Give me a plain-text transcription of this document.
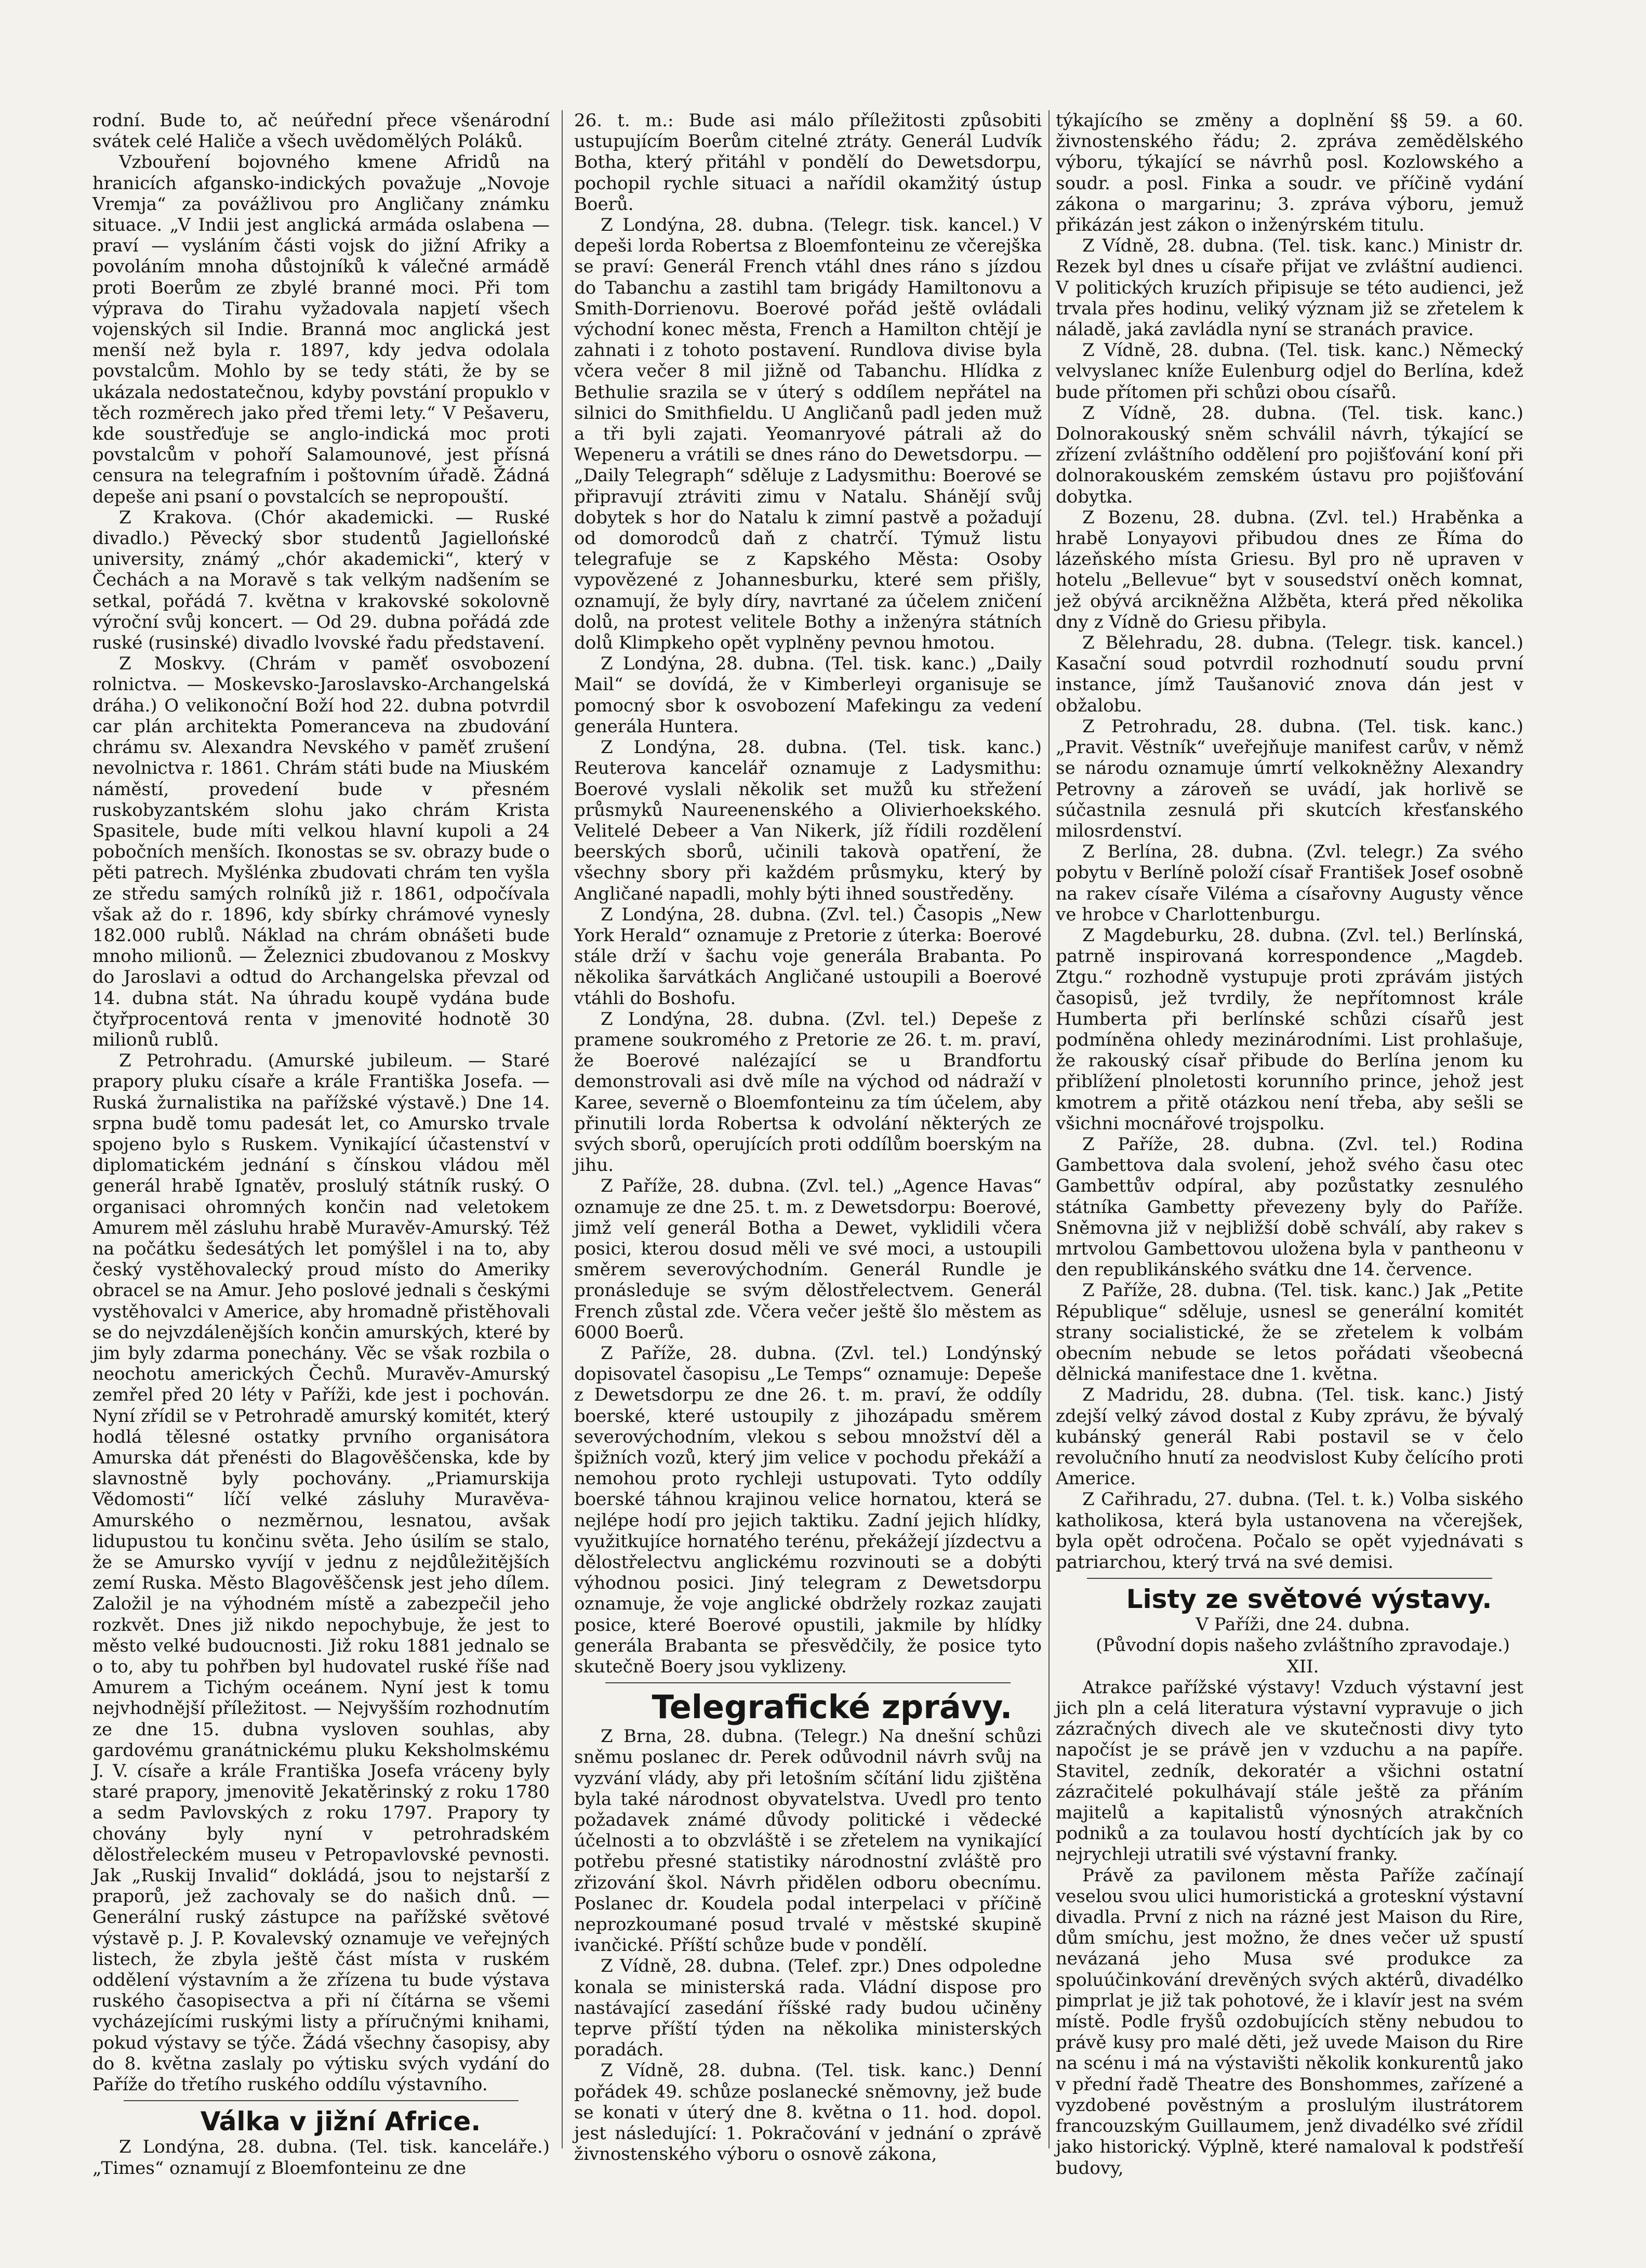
rodní. Bude to, ač neúřední přece všenárodní svátek celé Haliče a všech uvědomělých Poláků.

Vzbouření bojovného kmene Afridů na hranicích afgansko-indických považuje „Novoje Vremja“ za povážlivou pro Angličany známku situace. „V Indii jest anglická armáda oslabena — praví — vysláním části vojsk do jižní Afriky a povoláním mnoha důstojníků k válečné armádě proti Boerům ze zbylé branné moci. Při tom výprava do Tirahu vyžadovala napjetí všech vojenských sil Indie. Branná moc anglická jest menší než byla r. 1897, kdy jedva odolala povstalcům. Mohlo by se tedy státi, že by se ukázala nedostatečnou, kdyby povstání propuklo v těch rozměrech jako před třemi lety.“ V Pešaveru, kde soustřeďuje se anglo-indická moc proti povstalcům v pohoří Salamounové, jest přísná censura na telegrafním i poštovním úřadě. Žádná depeše ani psaní o povstalcích se nepropouští.

Z Krakova. (Chór akademicki. — Ruské divadlo.) Pěvecký sbor studentů Jagiellońské university, známý „chór akademicki“, který v Čechách a na Moravě s tak velkým nadšením se setkal, pořádá 7. května v krakovské sokolovně výroční svůj koncert. — Od 29. dubna pořádá zde ruské (rusinské) divadlo lvovské řadu představení.

Z Moskvy. (Chrám v paměť osvobození rolnictva. — Moskevsko-Jaroslavsko-Archangelská dráha.) O velikonoční Boží hod 22. dubna potvrdil car plán architekta Pomeranceva na zbudování chrámu sv. Alexandra Nevského v paměť zrušení nevolnictva r. 1861. Chrám státi bude na Miuském náměstí, provedení bude v přesném ruskobyzantském slohu jako chrám Krista Spasitele, bude míti velkou hlavní kupoli a 24 pobočních menších. Ikonostas se sv. obrazy bude o pěti patrech. Myšlénka zbudovati chrám ten vyšla ze středu samých rolníků již r. 1861, odpočívala však až do r. 1896, kdy sbírky chrámové vynesly 182.000 rublů. Náklad na chrám obnášeti bude mnoho milionů. — Železnici zbudovanou z Moskvy do Jaroslavi a odtud do Archangelska převzal od 14. dubna stát. Na úhradu koupě vydána bude čtyřprocentová renta v jmenovité hodnotě 30 milionů rublů.

Z Petrohradu. (Amurské jubileum. — Staré prapory pluku císaře a krále Františka Josefa. — Ruská žurnalistika na pařížské výstavě.) Dne 14. srpna budě tomu padesát let, co Amursko trvale spojeno bylo s Ruskem. Vynikající účastenství v diplomatickém jednání s čínskou vládou měl generál hrabě Ignatěv, proslulý státník ruský. O organisaci ohromných končin nad veletokem Amurem měl zásluhu hrabě Muravěv-Amurský. Též na počátku šedesátých let pomýšlel i na to, aby český vystěhovalecký proud místo do Ameriky obracel se na Amur. Jeho poslové jednali s českými vystěhovalci v Americe, aby hromadně přistěhovali se do nejvzdálenějších končin amurských, které by jim byly zdarma ponechány. Věc se však rozbila o neochotu amerických Čechů. Muravěv-Amurský zemřel před 20 léty v Paříži, kde jest i pochován. Nyní zřídil se v Petrohradě amurský komitét, který hodlá tělesné ostatky prvního organisátora Amurska dát přenésti do Blagověščenska, kde by slavnostně byly pochovány. „Priamurskija Vědomosti“ líčí velké zásluhy Muravěva-Amurského o nezměrnou, lesnatou, avšak lidupustou tu končinu světa. Jeho úsilím se stalo, že se Amursko vyvíjí v jednu z nejdůležitějších zemí Ruska. Město Blagověščensk jest jeho dílem. Založil je na výhodném místě a zabezpečil jeho rozkvět. Dnes již nikdo nepochybuje, že jest to město velké budoucnosti. Již roku 1881 jednalo se o to, aby tu pohřben byl hudovatel ruské říše nad Amurem a Tichým oceánem. Nyní jest k tomu nejvhodnější příležitost. — Nejvyšším rozhodnutím ze dne 15. dubna vysloven souhlas, aby gardovému granátnickému pluku Keksholmskému J. V. císaře a krále Františka Josefa vráceny byly staré prapory, jmenovitě Jekatěrinský z roku 1780 a sedm Pavlovských z roku 1797. Prapory ty chovány byly nyní v petrohradském dělostřeleckém museu v Petropavlovské pevnosti. Jak „Ruskij Invalid“ dokládá, jsou to nejstarší z praporů, jež zachovaly se do našich dnů. — Generální ruský zástupce na pařížské světové výstavě p. J. P. Kovalevský oznamuje ve veřejných listech, že zbyla ještě část místa v ruském oddělení výstavním a že zřízena tu bude výstava ruského časopisectva a při ní čítárna se všemi vycházejícími ruskými listy a příručnými knihami, pokud výstavy se týče. Žádá všechny časopisy, aby do 8. května zaslaly po výtisku svých vydání do Paříže do třetího ruského oddílu výstavního.

Válka v jižní Africe.

Z Londýna, 28. dubna. (Tel. tisk. kanceláře.) „Times“ oznamují z Bloemfonteinu ze dne

26. t. m.: Bude asi málo příležitosti způsobiti ustupujícím Boerům citelné ztráty. Generál Ludvík Botha, který přitáhl v pondělí do Dewetsdorpu, pochopil rychle situaci a nařídil okamžitý ústup Boerů.

Z Londýna, 28. dubna. (Telegr. tisk. kancel.) V depeši lorda Robertsa z Bloemfonteinu ze včerejška se praví: Generál French vtáhl dnes ráno s jízdou do Tabanchu a zastihl tam brigády Hamiltonovu a Smith-Dorrienovu. Boerové pořád ještě ovládali východní konec města, French a Hamilton chtějí je zahnati i z tohoto postavení. Rundlova divise byla včera večer 8 mil jižně od Tabanchu. Hlídka z Bethulie srazila se v úterý s oddílem nepřátel na silnici do Smithfieldu. U Angličanů padl jeden muž a tři byli zajati. Yeomanryové pátrali až do Wepeneru a vrátili se dnes ráno do Dewetsdorpu. — „Daily Telegraph“ sděluje z Ladysmithu: Boerové se připravují ztráviti zimu v Natalu. Shánějí svůj dobytek s hor do Natalu k zimní pastvě a požadují od domorodců daň z chatrčí. Týmuž listu telegrafuje se z Kapského Města: Osoby vypovězené z Johannesburku, které sem přišly, oznamují, že byly díry, navrtané za účelem zničení dolů, na protest velitele Bothy a inženýra státních dolů Klimpkeho opět vyplněny pevnou hmotou.

Z Londýna, 28. dubna. (Tel. tisk. kanc.) „Daily Mail“ se dovídá, že v Kimberleyi organisuje se pomocný sbor k osvobození Mafekingu za vedení generála Huntera.

Z Londýna, 28. dubna. (Tel. tisk. kanc.) Reuterova kancelář oznamuje z Ladysmithu: Boerové vyslali několik set mužů ku střežení průsmyků Naureenenského a Olivierhoekského. Velitelé Debeer a Van Nikerk, jíž řídili rozdělení beerských sborů, učinili takovà opatření, že všechny sbory při každém průsmyku, který by Angličané napadli, mohly býti ihned soustředěny.

Z Londýna, 28. dubna. (Zvl. tel.) Časopis „New York Herald“ oznamuje z Pretorie z úterka: Boerové stále drží v šachu voje generála Brabanta. Po několika šarvátkách Angličané ustoupili a Boerové vtáhli do Boshofu.

Z Londýna, 28. dubna. (Zvl. tel.) Depeše z pramene soukromého z Pretorie ze 26. t. m. praví, že Boerové nalézající se u Brandfortu demonstrovali asi dvě míle na východ od nádraží v Karee, severně o Bloemfonteinu za tím účelem, aby přinutili lorda Robertsa k odvolání některých ze svých sborů, operujících proti oddílům boerským na jihu.

Z Paříže, 28. dubna. (Zvl. tel.) „Agence Havas“ oznamuje ze dne 25. t. m. z Dewetsdorpu: Boerové, jimž velí generál Botha a Dewet, vyklidili včera posici, kterou dosud měli ve své moci, a ustoupili směrem severovýchodním. Generál Rundle je pronásleduje se svým dělostřelectvem. Generál French zůstal zde. Včera večer ještě šlo městem as 6000 Boerů.

Z Paříže, 28. dubna. (Zvl. tel.) Londýnský dopisovatel časopisu „Le Temps“ oznamuje: Depeše z Dewetsdorpu ze dne 26. t. m. praví, že oddíly boerské, které ustoupily z jihozápadu směrem severovýchodním, vlekou s sebou množství děl a špižních vozů, který jim velice v pochodu překáží a nemohou proto rychleji ustupovati. Tyto oddíly boerské táhnou krajinou velice hornatou, která se nejlépe hodí pro jejich taktiku. Zadní jejich hlídky, využitkujíce hornatého terénu, překážejí jízdectvu a dělostřelectvu anglickému rozvinouti se a dobýti výhodnou posici. Jiný telegram z Dewetsdorpu oznamuje, že voje anglické obdržely rozkaz zaujati posice, které Boerové opustili, jakmile by hlídky generála Brabanta se přesvědčily, že posice tyto skutečně Boery jsou vyklizeny.

Telegrafické zprávy.

Z Brna, 28. dubna. (Telegr.) Na dnešní schůzi sněmu poslanec dr. Perek odůvodnil návrh svůj na vyzvání vlády, aby při letošním sčítání lidu zjištěna byla také národnost obyvatelstva. Uvedl pro tento požadavek známé důvody politické i vědecké účelnosti a to obzvláště i se zřetelem na vynikající potřebu přesné statistiky národnostní zvláště pro zřizování škol. Návrh přidělen odboru obecnímu. Poslanec dr. Koudela podal interpelaci v příčině neprozkoumané posud trvalé v městské skupině ivančické. Příští schůze bude v pondělí.

Z Vídně, 28. dubna. (Telef. zpr.) Dnes odpoledne konala se ministerská rada. Vládní dispose pro nastávající zasedání říšské rady budou učiněny teprve příští týden na několika ministerských poradách.

Z Vídně, 28. dubna. (Tel. tisk. kanc.) Denní pořádek 49. schůze poslanecké sněmovny, jež bude se konati v úterý dne 8. května o 11. hod. dopol. jest následující: 1. Pokračování v jednání o zprávě živnostenského výboru o osnově zákona,

týkajícího se změny a doplnění §§ 59. a 60. živnostenského řádu; 2. zpráva zemědělského výboru, týkající se návrhů posl. Kozlowského a soudr. a posl. Finka a soudr. ve příčině vydání zákona o margarinu; 3. zpráva výboru, jemuž přikázán jest zákon o inženýrském titulu.

Z Vídně, 28. dubna. (Tel. tisk. kanc.) Ministr dr. Rezek byl dnes u císaře přijat ve zvláštní audienci. V politických kruzích připisuje se této audienci, jež trvala přes hodinu, veliký význam již se zřetelem k náladě, jaká zavládla nyní se stranách pravice.

Z Vídně, 28. dubna. (Tel. tisk. kanc.) Německý velvyslanec kníže Eulenburg odjel do Berlína, kdež bude přítomen při schůzi obou císařů.

Z Vídně, 28. dubna. (Tel. tisk. kanc.) Dolnorakouský sněm schválil návrh, týkající se zřízení zvláštního oddělení pro pojišťování koní při dolnorakouském zemském ústavu pro pojišťování dobytka.

Z Bozenu, 28. dubna. (Zvl. tel.) Hraběnka a hrabě Lonyayovi přibudou dnes ze Říma do lázeňského místa Griesu. Byl pro ně upraven v hotelu „Bellevue“ byt v sousedství oněch komnat, jež obývá arcikněžna Alžběta, která před několika dny z Vídně do Griesu přibyla.

Z Bělehradu, 28. dubna. (Telegr. tisk. kancel.) Kasační soud potvrdil rozhodnutí soudu první instance, jímž Taušanović znova dán jest v obžalobu.

Z Petrohradu, 28. dubna. (Tel. tisk. kanc.) „Pravit. Věstník“ uveřejňuje manifest carův, v němž se národu oznamuje úmrtí velkokněžny Alexandry Petrovny a zároveň se uvádí, jak horlivě se súčastnila zesnulá při skutcích křesťanského milosrdenství.

Z Berlína, 28. dubna. (Zvl. telegr.) Za svého pobytu v Berlíně položí císař František Josef osobně na rakev císaře Viléma a císařovny Augusty věnce ve hrobce v Charlottenburgu.

Z Magdeburku, 28. dubna. (Zvl. tel.) Berlínská, patrně inspirovaná korrespondence „Magdeb. Ztgu.“ rozhodně vystupuje proti zprávám jistých časopisů, jež tvrdily, že nepřítomnost krále Humberta při berlínské schůzi císařů jest podmíněna ohledy mezinárodními. List prohlašuje, že rakouský císař přibude do Berlína jenom ku přiblížení plnoletosti korunního prince, jehož jest kmotrem a přitě otázkou není třeba, aby sešli se všichni mocnářové trojspolku.

Z Paříže, 28. dubna. (Zvl. tel.) Rodina Gambettova dala svolení, jehož svého času otec Gambettův odpíral, aby pozůstatky zesnulého státníka Gambetty převezeny byly do Paříže. Sněmovna již v nejbližší době schválí, aby rakev s mrtvolou Gambettovou uložena byla v pantheonu v den republikánského svátku dne 14. července.

Z Paříže, 28. dubna. (Tel. tisk. kanc.) Jak „Petite République“ sděluje, usnesl se generální komitét strany socialistické, že se zřetelem k volbám obecním nebude se letos pořádati všeobecná dělnická manifestace dne 1. května.

Z Madridu, 28. dubna. (Tel. tisk. kanc.) Jistý zdejší velký závod dostal z Kuby zprávu, že bývalý kubánský generál Rabi postavil se v čelo revolučního hnutí za neodvislost Kuby čelícího proti Americe.

Z Cařihradu, 27. dubna. (Tel. t. k.) Volba siského katholikosa, která byla ustanovena na včerejšek, byla opět odročena. Počalo se opět vyjednávati s patriarchou, který trvá na své demisi.

Listy ze světové výstavy.

V Paříži, dne 24. dubna.

(Původní dopis našeho zvláštního zpravodaje.)

XII.

Atrakce pařížské výstavy! Vzduch výstavní jest jich pln a celá literatura výstavní vypravuje o jich zázračných divech ale ve skutečnosti divy tyto napočíst je se právě jen v vzduchu a na papíře. Stavitel, zedník, dekoratér a všichni ostatní zázračitelé pokulhávají stále ještě za přáním majitelů a kapitalistů výnosných atrakčních podniků a za toulavou hostí dychtících jak by co nejrychleji utratili své výstavní franky.

Právě za pavilonem města Paříže začínají veselou svou ulici humoristická a groteskní výstavní divadla. První z nich na rázné jest Maison du Rire, dům smíchu, jest možno, že dnes večer už spustí nevázaná jeho Musa své produkce za spoluúčinkování drevěných svých aktérů, divadélko pimprlat je již tak pohotové, že i klavír jest na svém místě. Podle fryšů ozdobujících stěny nebudou to právě kusy pro malé děti, jež uvede Maison du Rire na scénu i má na výstavišti několik konkurentů jako v přední řadě Theatre des Bonshommes, zařízené a vyzdobené pověstným a proslulým ilustrátorem francouzským Guillaumem, jenž divadélko své zřídil jako historický. Výplně, které namaloval k podstřeší budovy,
